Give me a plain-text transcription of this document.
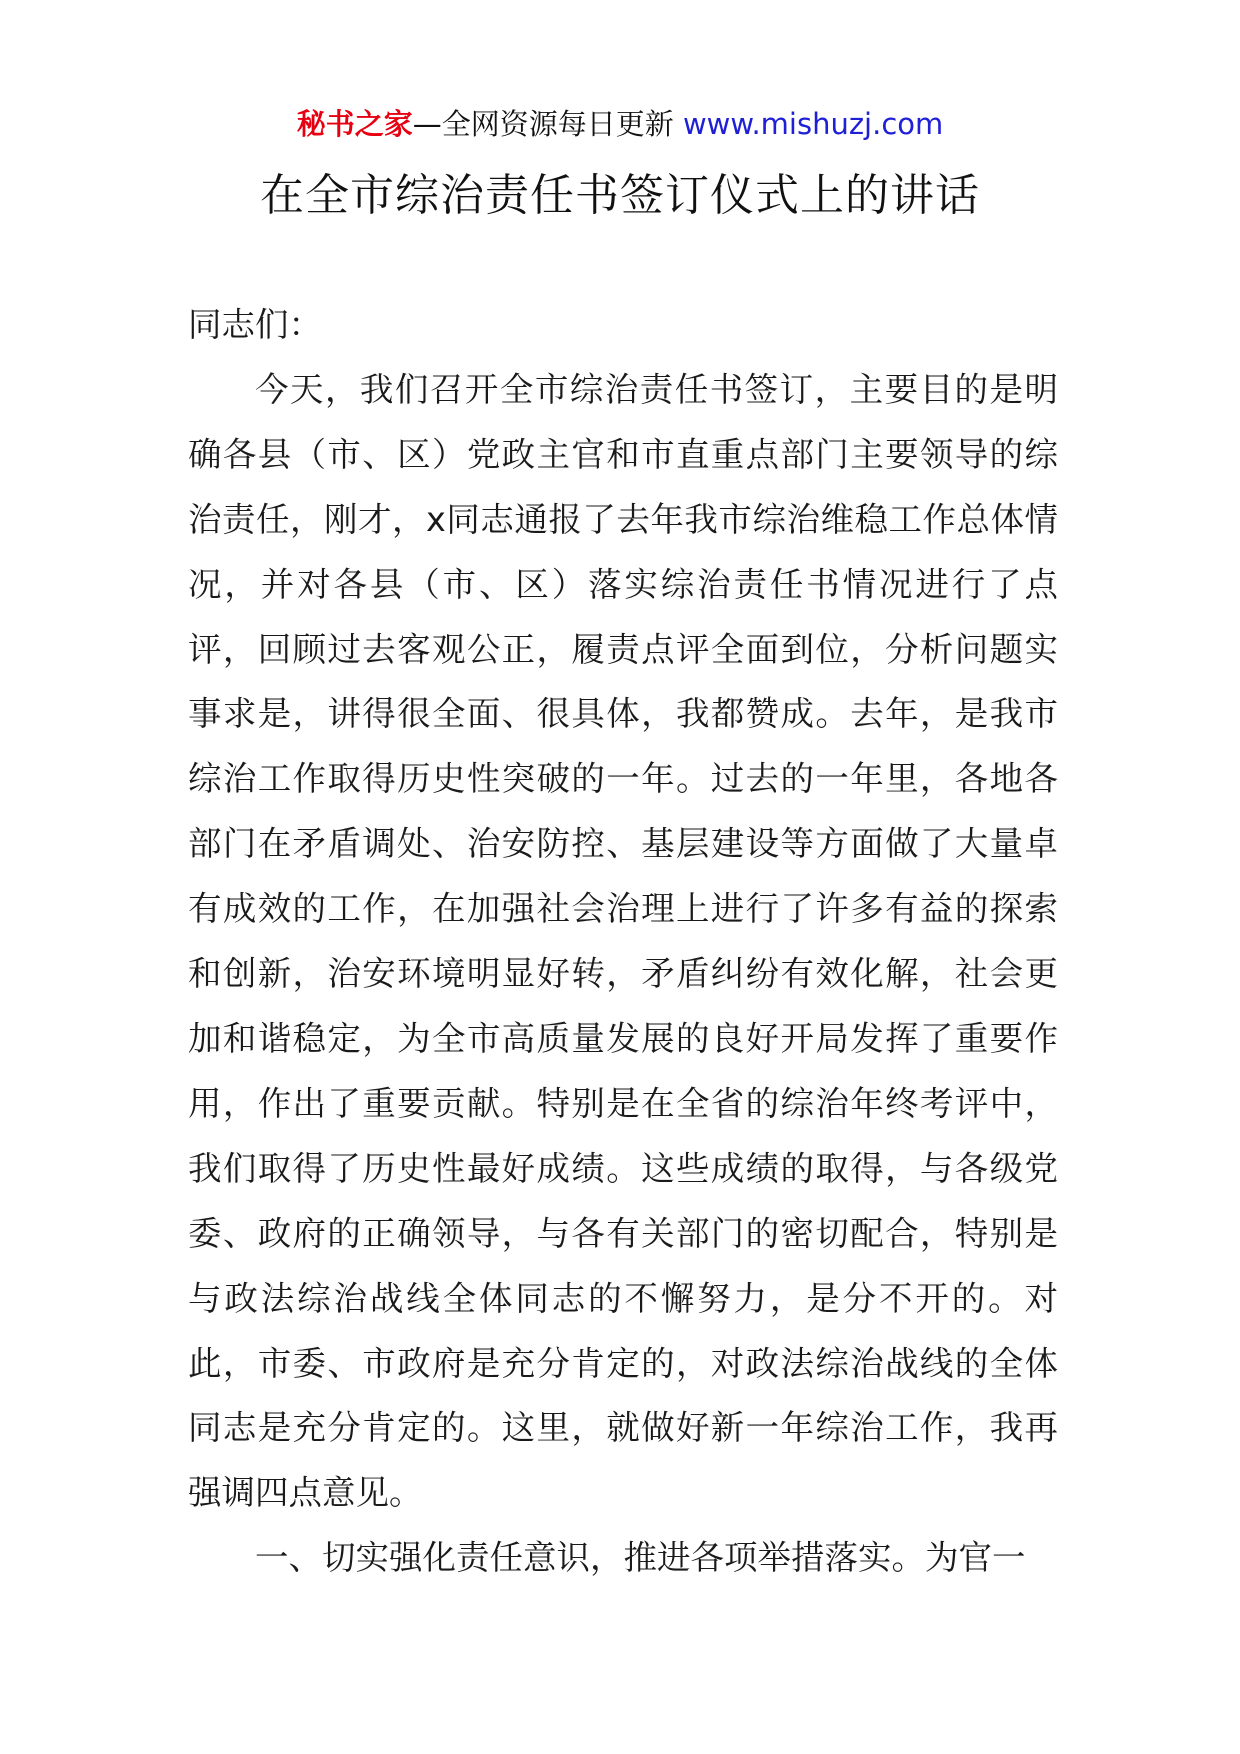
秘书之家—全网资源每日更新 www.mishuzj.com
在全市综治责任书签订仪式上的讲话

同志们：

今天，我们召开全市综治责任书签订，主要目的是明确各县（市、区）党政主官和市直重点部门主要领导的综治责任，刚才，x同志通报了去年我市综治维稳工作总体情况，并对各县（市、区）落实综治责任书情况进行了点评，回顾过去客观公正，履责点评全面到位，分析问题实事求是，讲得很全面、很具体，我都赞成。去年，是我市综治工作取得历史性突破的一年。过去的一年里，各地各部门在矛盾调处、治安防控、基层建设等方面做了大量卓有成效的工作，在加强社会治理上进行了许多有益的探索和创新，治安环境明显好转，矛盾纠纷有效化解，社会更加和谐稳定，为全市高质量发展的良好开局发挥了重要作用，作出了重要贡献。特别是在全省的综治年终考评中，我们取得了历史性最好成绩。这些成绩的取得，与各级党委、政府的正确领导，与各有关部门的密切配合，特别是与政法综治战线全体同志的不懈努力，是分不开的。对此，市委、市政府是充分肯定的，对政法综治战线的全体同志是充分肯定的。这里，就做好新一年综治工作，我再强调四点意见。

一、切实强化责任意识，推进各项举措落实。为官一
